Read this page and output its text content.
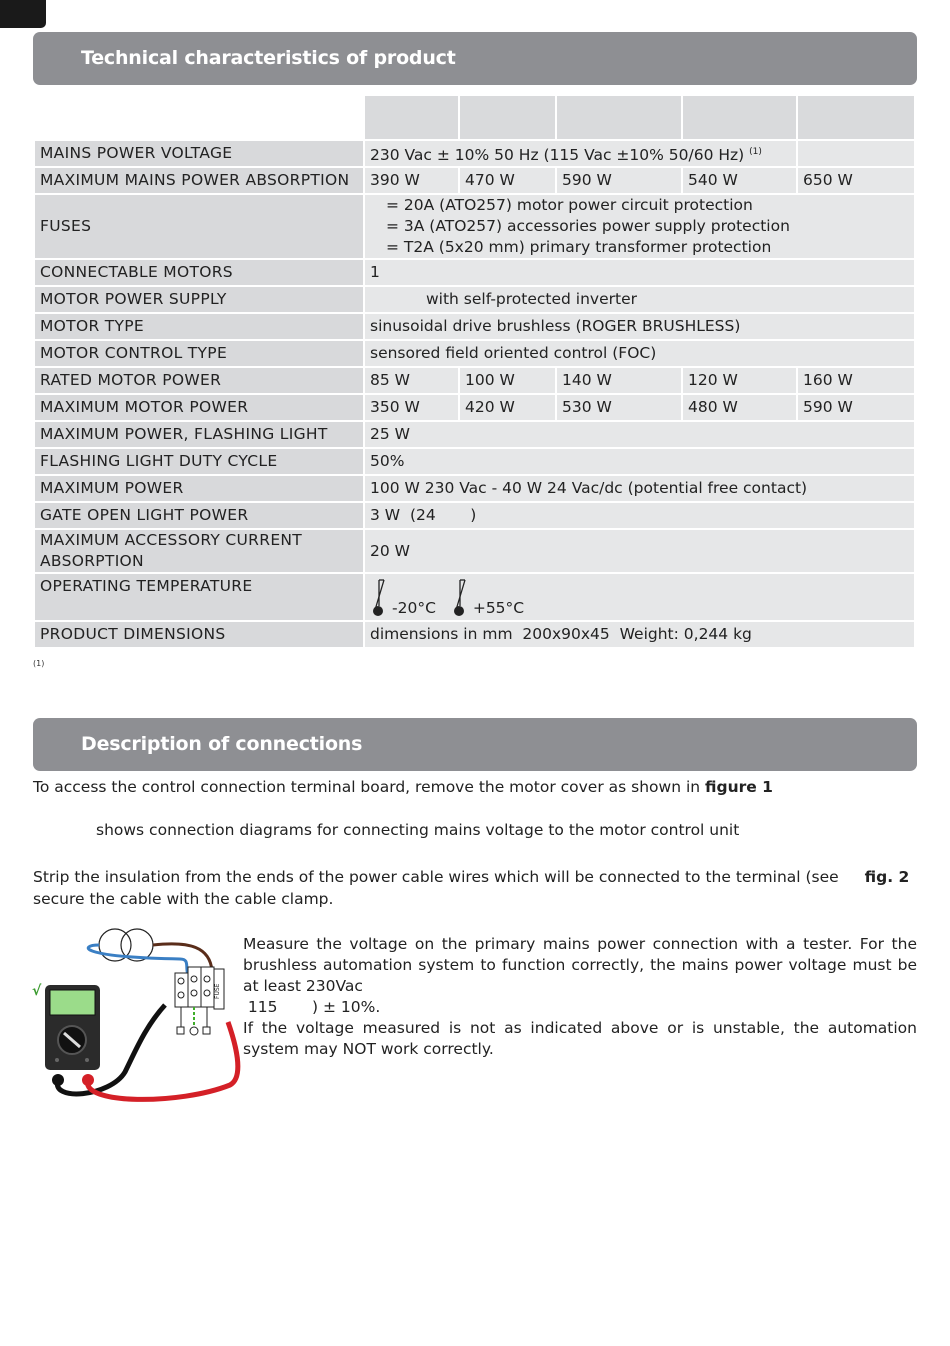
Technical characteristics of product

MAINS POWER VOLTAGE	230 Vac ± 10% 50 Hz (115 Vac ±10% 50/60 Hz) $^{(1)}$	
MAXIMUM MAINS POWER ABSORPTION	390 W	470 W	590 W	540 W	650 W
FUSES	= 20A (ATO257) motor power circuit protection
= 3A (ATO257) accessories power supply protection
= T2A (5x20 mm) primary transformer protection				

CONNECTABLE MOTORS	1				
MOTOR POWER SUPPLY	with self-protected inverter				
MOTOR TYPE	sinusoidal drive brushless (ROGER BRUSHLESS)				
MOTOR CONTROL TYPE	sensored field oriented control (FOC)				
RATED MOTOR POWER	85 W	100 W	140 W	120 W	160 W
MAXIMUM MOTOR POWER	350 W	420 W	530 W	480 W	590 W
MAXIMUM POWER, FLASHING LIGHT	25 W				
FLASHING LIGHT DUTY CYCLE	50%				
MAXIMUM POWER	100 W 230 Vac - 40 W 24 Vac/dc (potential free contact)				
GATE OPEN LIGHT POWER	3 W  (24       )				
MAXIMUM ACCESSORY CURRENT ABSORPTION	20 W				
OPERATING TEMPERATURE	-20°C +55°C				
PRODUCT DIMENSIONS	dimensions in mm  200x90x45  Weight: 0,244 kg				
(1)
Description of connections
To access the control connection terminal board, remove the motor cover as shown in figure 1
shows connection diagrams for connecting mains voltage to the motor control unit
Strip the insulation from the ends of the power cable wires which will be connected to the terminal (see fig. 2
secure the cable with the cable clamp.
FUSE
√
Measure the voltage on the primary mains power connection with a tester. For the brushless automation system to function correctly, the mains power voltage must be at least 230Vac
115       ) ± 10%.
If the voltage measured is not as indicated above or is unstable, the automation system may NOT work correctly.
